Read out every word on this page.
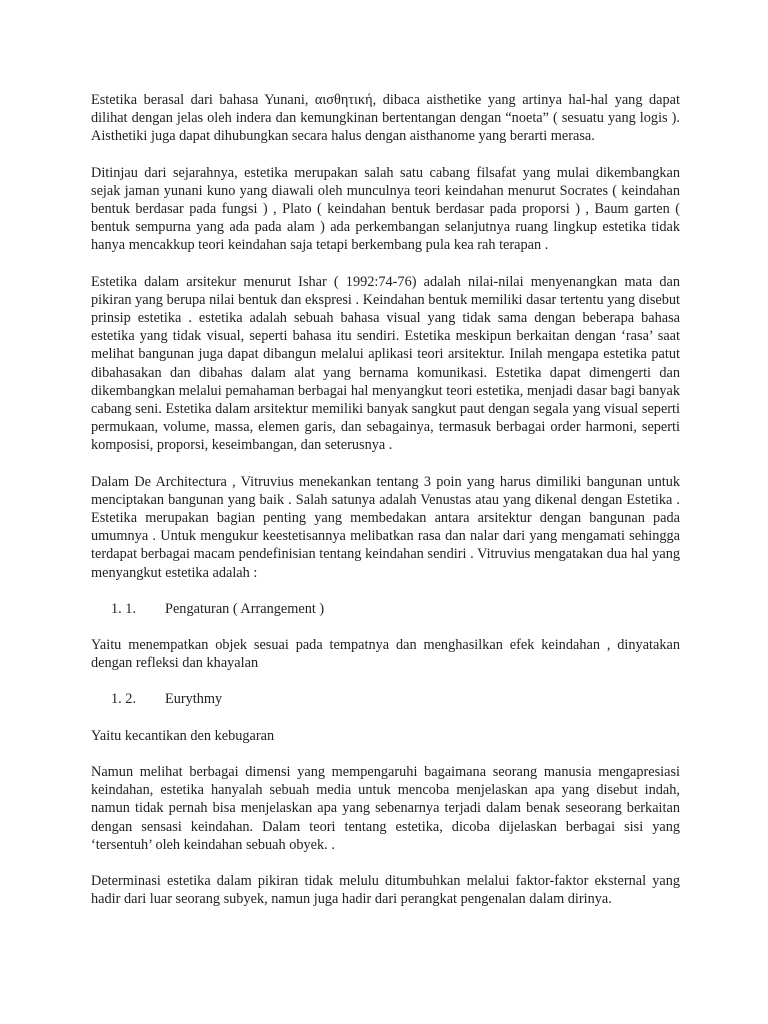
Estetika berasal dari bahasa Yunani, αισθητική, dibaca aisthetike yang artinya hal-hal yang dapat dilihat dengan jelas oleh indera dan kemungkinan bertentangan dengan “noeta” ( sesuatu yang logis ). Aisthetiki juga dapat dihubungkan secara halus dengan aisthanome yang berarti merasa.

Ditinjau dari sejarahnya, estetika merupakan salah satu cabang filsafat yang mulai dikembangkan sejak jaman yunani kuno yang diawali oleh munculnya teori keindahan menurut Socrates ( keindahan bentuk berdasar pada fungsi ) , Plato ( keindahan bentuk berdasar pada proporsi ) , Baum garten ( bentuk sempurna yang ada pada alam ) ada perkembangan selanjutnya ruang lingkup estetika tidak hanya mencakkup teori keindahan saja tetapi berkembang pula kea rah terapan .

Estetika dalam arsitekur menurut Ishar ( 1992:74-76) adalah nilai-nilai menyenangkan mata dan pikiran yang berupa nilai bentuk dan ekspresi . Keindahan bentuk memiliki dasar tertentu yang disebut prinsip estetika . estetika adalah sebuah bahasa visual yang tidak sama dengan beberapa bahasa estetika yang tidak visual, seperti bahasa itu sendiri. Estetika meskipun berkaitan dengan ‘rasa’ saat melihat bangunan juga dapat dibangun melalui aplikasi teori arsitektur. Inilah mengapa estetika patut dibahasakan dan dibahas dalam alat yang bernama komunikasi. Estetika dapat dimengerti dan dikembangkan melalui pemahaman berbagai hal menyangkut teori estetika, menjadi dasar bagi banyak cabang seni. Estetika dalam arsitektur memiliki banyak sangkut paut dengan segala yang visual seperti permukaan, volume, massa, elemen garis, dan sebagainya, termasuk berbagai order harmoni, seperti komposisi, proporsi, keseimbangan, dan seterusnya .

Dalam De Architectura , Vitruvius menekankan tentang 3 poin yang harus dimiliki bangunan untuk menciptakan bangunan yang baik . Salah satunya adalah Venustas atau yang dikenal dengan Estetika . Estetika merupakan bagian penting yang membedakan antara arsitektur dengan bangunan pada umumnya . Untuk mengukur keestetisannya melibatkan rasa dan nalar dari yang mengamati sehingga terdapat berbagai macam pendefinisian tentang keindahan sendiri . Vitruvius mengatakan dua hal yang menyangkut estetika adalah :

1. 1.	Pengaturan ( Arrangement )

Yaitu menempatkan objek sesuai pada tempatnya dan menghasilkan efek keindahan , dinyatakan dengan refleksi dan khayalan

1. 2.	Eurythmy

Yaitu kecantikan den kebugaran

Namun melihat berbagai dimensi yang mempengaruhi bagaimana seorang manusia mengapresiasi keindahan, estetika hanyalah sebuah media untuk mencoba menjelaskan apa yang disebut indah, namun tidak pernah bisa menjelaskan apa yang sebenarnya terjadi dalam benak seseorang berkaitan dengan sensasi keindahan. Dalam teori tentang estetika, dicoba dijelaskan berbagai sisi yang ‘tersentuh’ oleh keindahan sebuah obyek. .

Determinasi estetika dalam pikiran tidak melulu ditumbuhkan melalui faktor-faktor eksternal yang hadir dari luar seorang subyek, namun juga hadir dari perangkat pengenalan dalam dirinya.
